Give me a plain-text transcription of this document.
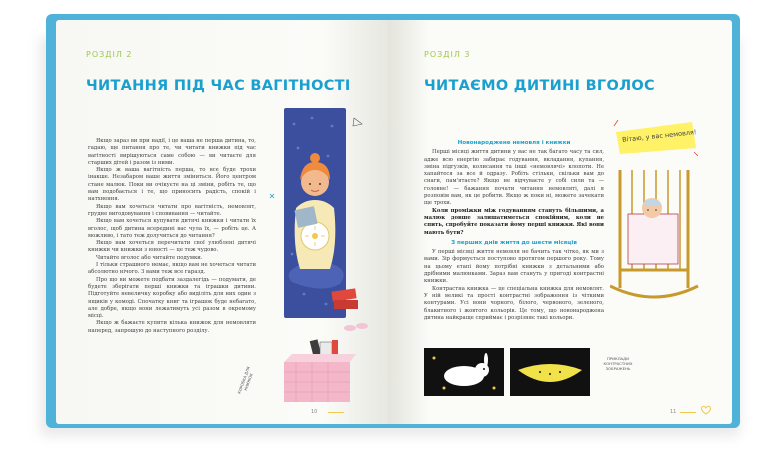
РОЗДІЛ 2
ЧИТАННЯ ПІД ЧАС ВАГІТНОСТІ

Якщо зараз ви при надії, і це ваша не перша дитина, то, гадаю, ще питання про те, чи читати книжки під час вагітності вирішуються саме собою — ви читаєте для старших дітей і разом із ними.

Якщо ж ваша вагітність перша, то все буде трохи інакше. Незабаром ваше життя зміниться. Його центром стане малюк. Поки ви очікуєте на ці зміни, робіть те, що вам подобається і те, що приносить радість, спокій і натхнення.

Якщо вам хочеться читати про вагітність, немовлят, грудне вигодовування і сповивання — читайте.

Якщо вам хочеться купувати дитячі книжки і читати їх вголос, щоб дитина всередині вас чула їх, — робіть це. А можливо, і тато теж долучиться до читання?

Якщо вам хочеться перечитати свої улюблені дитячі книжки чи книжки з юності — це теж чудово.

Читайте вголос або читайте подумки.

І тільки страшного немає, якщо вам не хочеться читати абсолютно нічого. З вами теж все гаразд.

Про що ви можете подбати заздалегідь — подумати, де будете зберігати перші книжки та іграшки дитини. Підготуйте невеличку коробку або виділіть для них один з ящиків у комоді. Спочатку книг та іграшок буде небагато, але добре, якщо вони лежатимуть усі разом в окремому місці.

Якщо ж бажаєте купити кілька книжок для немовляти наперед, запрошую до наступного розділу.

КОРОБКА ДЛЯ КНИЖОК
10
РОЗДІЛ 3
ЧИТАЄМО ДИТИНІ ВГОЛОС
Новонароджене немовля і книжки

Перші місяці життя дитини у вас не так багато часу та сил, адже всю енергію забирає годування, вкладання, купання, зміна підгузків, колисання та інші «немовлячі» клопоти. Не хапайтеся за все й одразу. Робіть стільки, скільки вам до снаги, пам'ятаєте? Якщо не відчуваєте у собі сили та — головне! — бажання почати читання немовляті, далі я розповім вам, як це робити. Якщо ж поки ні, можете зачекати ще трохи.

Коли проміжки між годуванням стануть більшими, а малюк довше залишатиметься спокійним, коли не спить, спробуйте показати йому перші книжки. Які вони мають бути?

З перших днів життя до шести місяців

У перші місяці життя немовля не бачить так чітко, як ми з вами. Зір формується поступово протягом першого року. Тому на цьому етапі йому потрібні книжки з детальними або дрібними малюнками. Зараз вам стануть у пригоді контрастні книжки.

Контрастна книжка — це спеціальна книжка для немовлят. У ній великі та прості контрастні зображення із чіткими контурами. Усі вони чорного, білого, червоного, зеленого, блакитного і жовтого кольорів. Це тому, що новонароджена дитина найкраще сприймає і розрізняє такі кольори.

Вітаю, у вас немовля!
ПРИКЛАДИ КОНТРАСТНИХ ЗОБРАЖЕНЬ
11
